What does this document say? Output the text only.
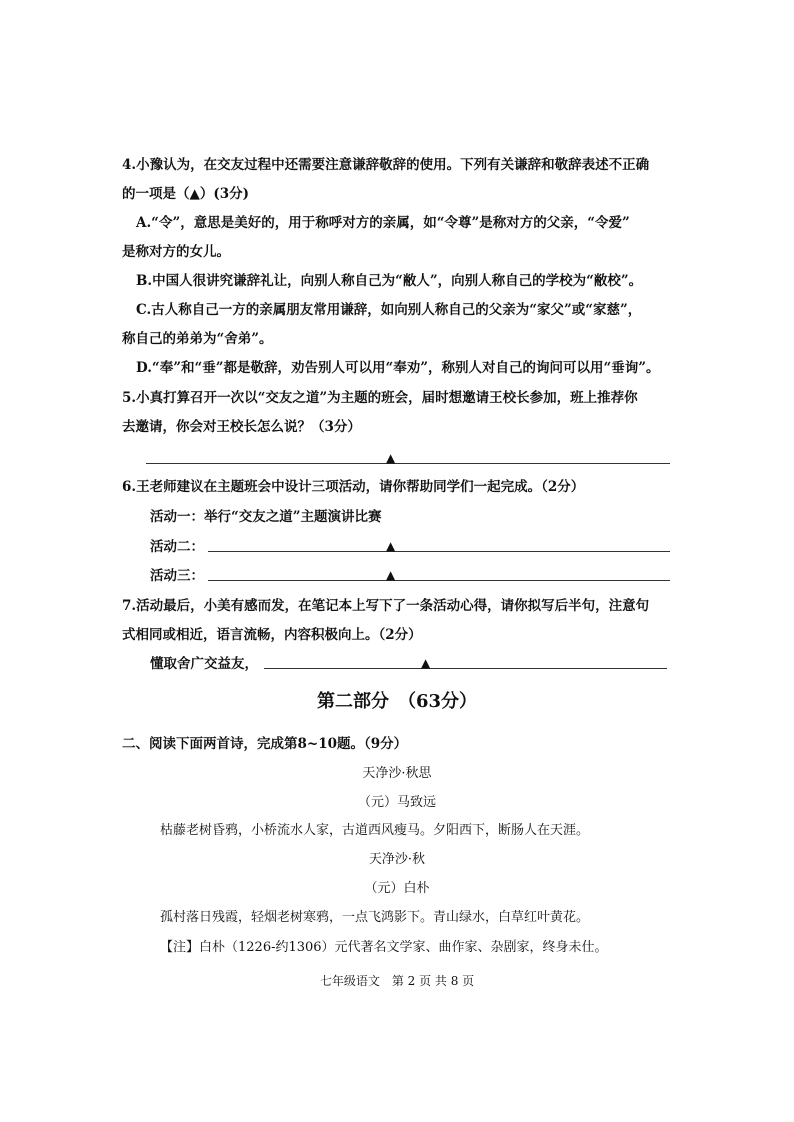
4.小豫认为，在交友过程中还需要注意谦辞敬辞的使用。下列有关谦辞和敬辞表述不正确
的一项是（▲）(3分)
A.“令”，意思是美好的，用于称呼对方的亲属，如“令尊”是称对方的父亲，“令爱”
是称对方的女儿。
B.中国人很讲究谦辞礼让，向别人称自己为“敝人”，向别人称自己的学校为“敝校”。
C.古人称自己一方的亲属朋友常用谦辞，如向别人称自己的父亲为“家父”或“家慈”，
称自己的弟弟为“舍弟”。
D.“奉”和“垂”都是敬辞，劝告别人可以用“奉劝”，称别人对自己的询问可以用“垂询”。
5.小真打算召开一次以“交友之道”为主题的班会，届时想邀请王校长参加，班上推荐你
去邀请，你会对王校长怎么说？（3分）
▲
6.王老师建议在主题班会中设计三项活动，请你帮助同学们一起完成。（2分）
活动一：举行“交友之道”主题演讲比赛
活动二：	▲
活动三：	▲
7.活动最后，小美有感而发，在笔记本上写下了一条活动心得，请你拟写后半句，注意句
式相同或相近，语言流畅，内容积极向上。（2分）
懂取舍广交益友，	▲
第二部分　（63分）
二、阅读下面两首诗，完成第8~10题。（9分）
天净沙·秋思
（元）马致远
枯藤老树昏鸦，小桥流水人家，古道西风瘦马。夕阳西下，断肠人在天涯。
天净沙·秋
（元）白朴
孤村落日残霞，轻烟老树寒鸦，一点飞鸿影下。青山绿水，白草红叶黄花。
【注】白朴（1226-约1306）元代著名文学家、曲作家、杂剧家，终身未仕。
七年级语文　第 2 页 共 8 页
